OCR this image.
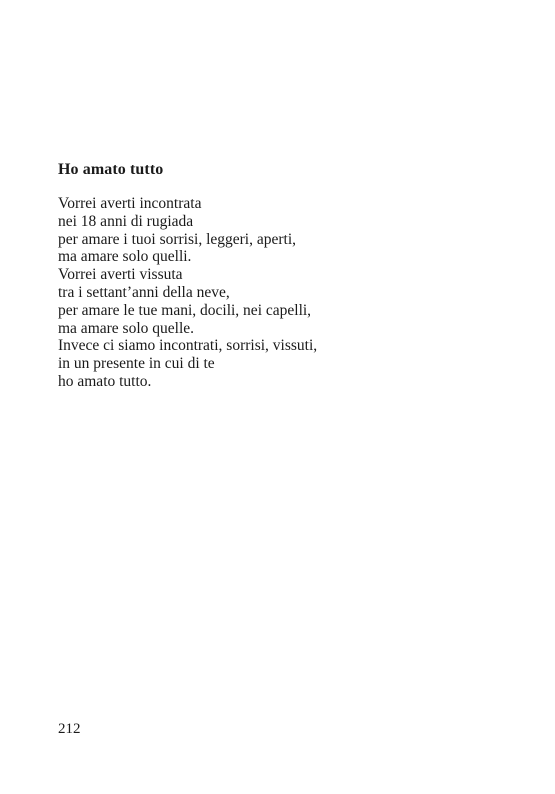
Ho amato tutto
Vorrei averti incontrata
nei 18 anni di rugiada
per amare i tuoi sorrisi, leggeri, aperti,
ma amare solo quelli.
Vorrei averti vissuta
tra i settant’anni della neve,
per amare le tue mani, docili, nei capelli,
ma amare solo quelle.
Invece ci siamo incontrati, sorrisi, vissuti,
in un presente in cui di te
ho amato tutto.
212
